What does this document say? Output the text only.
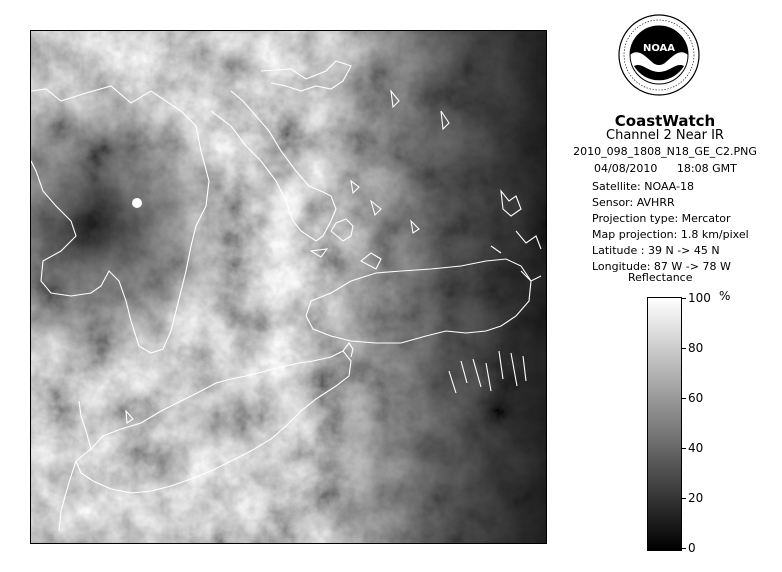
NOAA
CoastWatch
Channel 2 Near IR
2010_098_1808_N18_GE_C2.PNG
04/08/2010 18:08 GMT
Satellite: NOAA-18
Sensor: AVHRR
Projection type: Mercator
Map projection: 1.8 km/pixel
Latitude : 39 N -> 45 N
Longitude: 87 W -> 78 W
Reflectance
%
100
80
60
40
20
0
